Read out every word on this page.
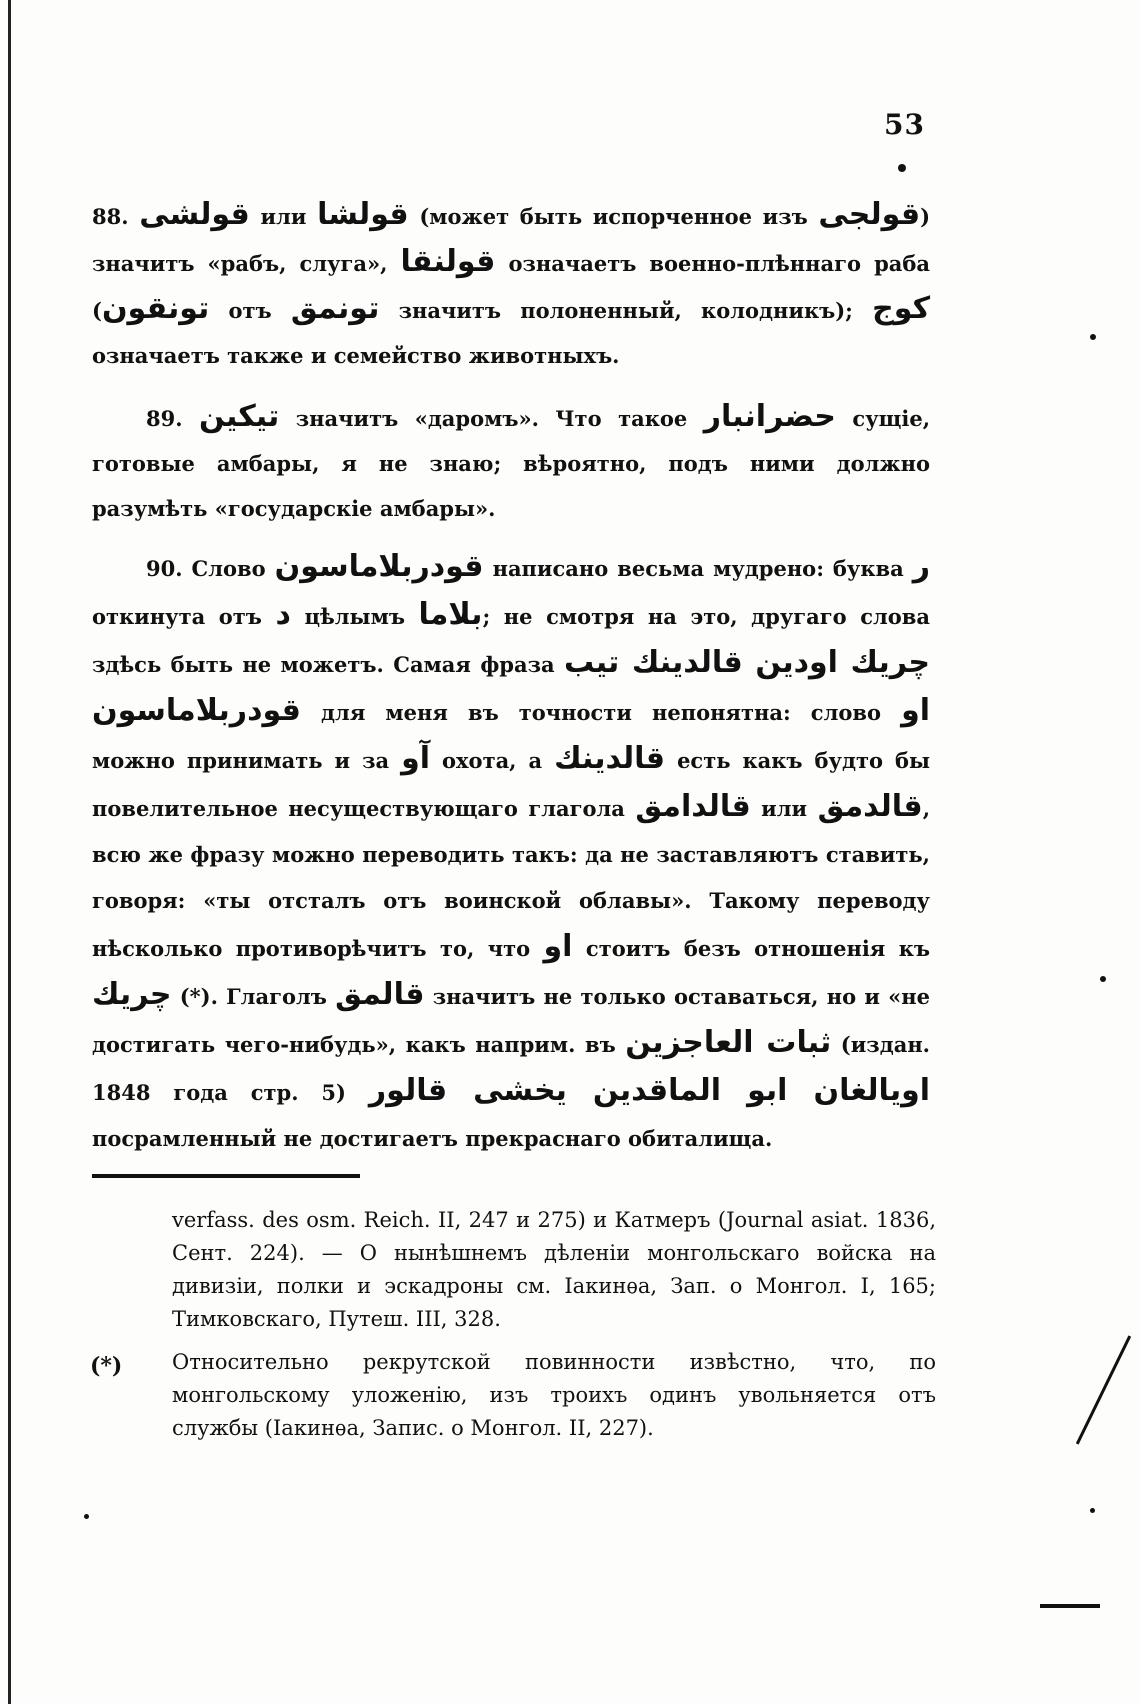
53

88. قولشی или قولشا (может быть испорченное изъ قولجی) значитъ «рабъ, слуга», قولنقا означаетъ военно-плѣннаго раба (تونقون отъ تونمق значитъ полоненный, колодникъ); کوج означаетъ также и семейство животныхъ.

89. تیکین значитъ «даромъ». Что такое حضرانبار сущіе, готовые амбары, я не знаю; вѣроятно, подъ ними должно разумѣть «государскіе амбары».

90. Слово قودربلاماسون написано весьма мудрено: буква ر откинута отъ د цѣлымъ بلاما; не смотря на это, другаго слова здѣсь быть не можетъ. Самая фраза چریك اودین قالدینك تیب قودربلاماسون для меня въ точности непонятна: слово او можно принимать и за آو охота, а قالدینك есть какъ будто бы повелительное несуществующаго глагола قالدامق или قالدمق, всю же фразу можно переводить такъ: да не заставляютъ ставить, говоря: «ты отсталъ отъ воинской облавы». Такому переводу нѣсколько противорѣчитъ то, что او стоитъ безъ отношенія къ چریك (*). Глаголъ قالمق значитъ не только оставаться, но и «не достигать чего-нибудь», какъ наприм. въ ثبات العاجزین (издан. 1848 года стр. 5) اویالغان ابو الماقدین یخشی قالور посрамленный не достигаетъ прекраснаго обиталища.

verfass. des osm. Reich. II, 247 и 275) и Катмеръ (Journal asiat. 1836, Сент. 224). — О нынѣшнемъ дѣленіи монгольскаго войска на дивизіи, полки и эскадроны см. Іакинѳа, Зап. о Монгол. I, 165; Тимковскаго, Путеш. III, 328.
(*) Относительно рекрутской повинности извѣстно, что, по монгольскому уложенію, изъ троихъ одинъ увольняется отъ службы (Іакинѳа, Запис. о Монгол. II, 227).
